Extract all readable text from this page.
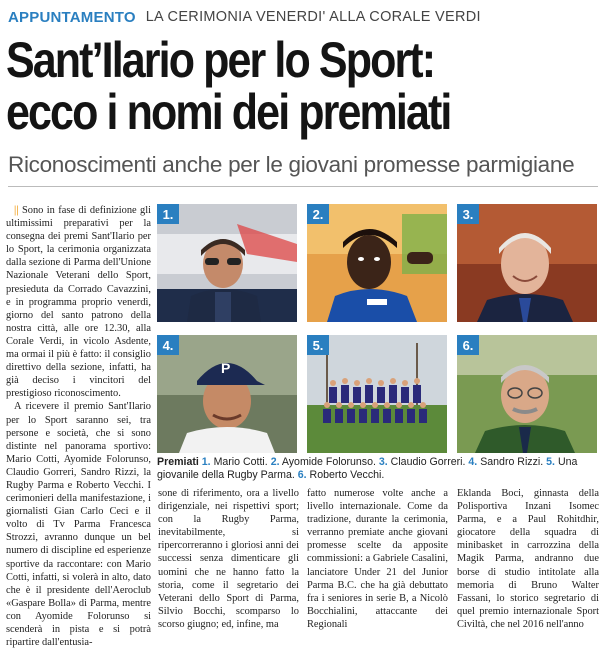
APPUNTAMENTO LA CERIMONIA VENERDI' ALLA CORALE VERDI
Sant’Ilario per lo Sport:
ecco i nomi dei premiati
Riconoscimenti anche per le giovani promesse parmigiane

|| Sono in fase di definizione gli ultimissimi preparativi per la consegna dei premi Sant'Ilario per lo Sport, la cerimonia organizzata dalla sezione di Parma dell'Unione Nazionale Veterani dello Sport, presieduta da Corrado Cavazzini, e in programma proprio venerdì, giorno del santo patrono della nostra città, alle ore 12.30, alla Corale Verdi, in vicolo Asdente, ma ormai il più è fatto: il consiglio direttivo della sezione, infatti, ha già deciso i vincitori del prestigioso riconoscimento.

A ricevere il premio Sant'Ilario per lo Sport saranno sei, tra persone e società, che si sono distinte nel panorama sportivo: Mario Cotti, Ayomide Folorunso, Claudio Gorreri, Sandro Rizzi, la Rugby Parma e Roberto Vecchi. I cerimonieri della manifestazione, i giornalisti Gian Carlo Ceci e il volto di Tv Parma Francesca Strozzi, avranno dunque un bel numero di discipline ed esperienze sportive da raccontare: con Mario Cotti, infatti, si volerà in alto, dato che è il presidente dell'Aeroclub «Gaspare Bolla» di Parma, mentre con Ayomide Folorunso si scenderà in pista e si potrà ripartire dall'entusia-

1.	2.	3.
P
4.	5.	6.
Premiati 1. Mario Cotti. 2. Ayomide Folorunso. 3. Claudio Gorreri. 4. Sandro Rizzi. 5. Una giovanile della Rugby Parma. 6. Roberto Vecchi.

sone di riferimento, ora a livello dirigenziale, nei rispettivi sport; con la Rugby Parma, inevitabilmente, si ripercorreranno i gloriosi anni dei successi senza dimenticare gli uomini che ne hanno fatto la storia, come il segretario dei Veterani dello Sport di Parma, Silvio Bocchi, scomparso lo scorso giugno; ed, infine, ma

fatto numerose volte anche a livello internazionale. Come da tradizione, durante la cerimonia, verranno premiate anche giovani promesse scelte da apposite commissioni: a Gabriele Casalini, lanciatore Under 21 del Junior Parma B.C. che ha già debuttato fra i seniores in serie B, a Nicolò Bocchialini, attaccante dei Regionali

Eklanda Boci, ginnasta della Polisportiva Inzani Isomec Parma, e a Paul Rohitdhir, giocatore della squadra di minibasket in carrozzina della Magik Parma, andranno due borse di studio intitolate alla memoria di Bruno Walter Fassani, lo storico segretario di quel premio internazionale Sport Civiltà, che nel 2016 nell'anno
